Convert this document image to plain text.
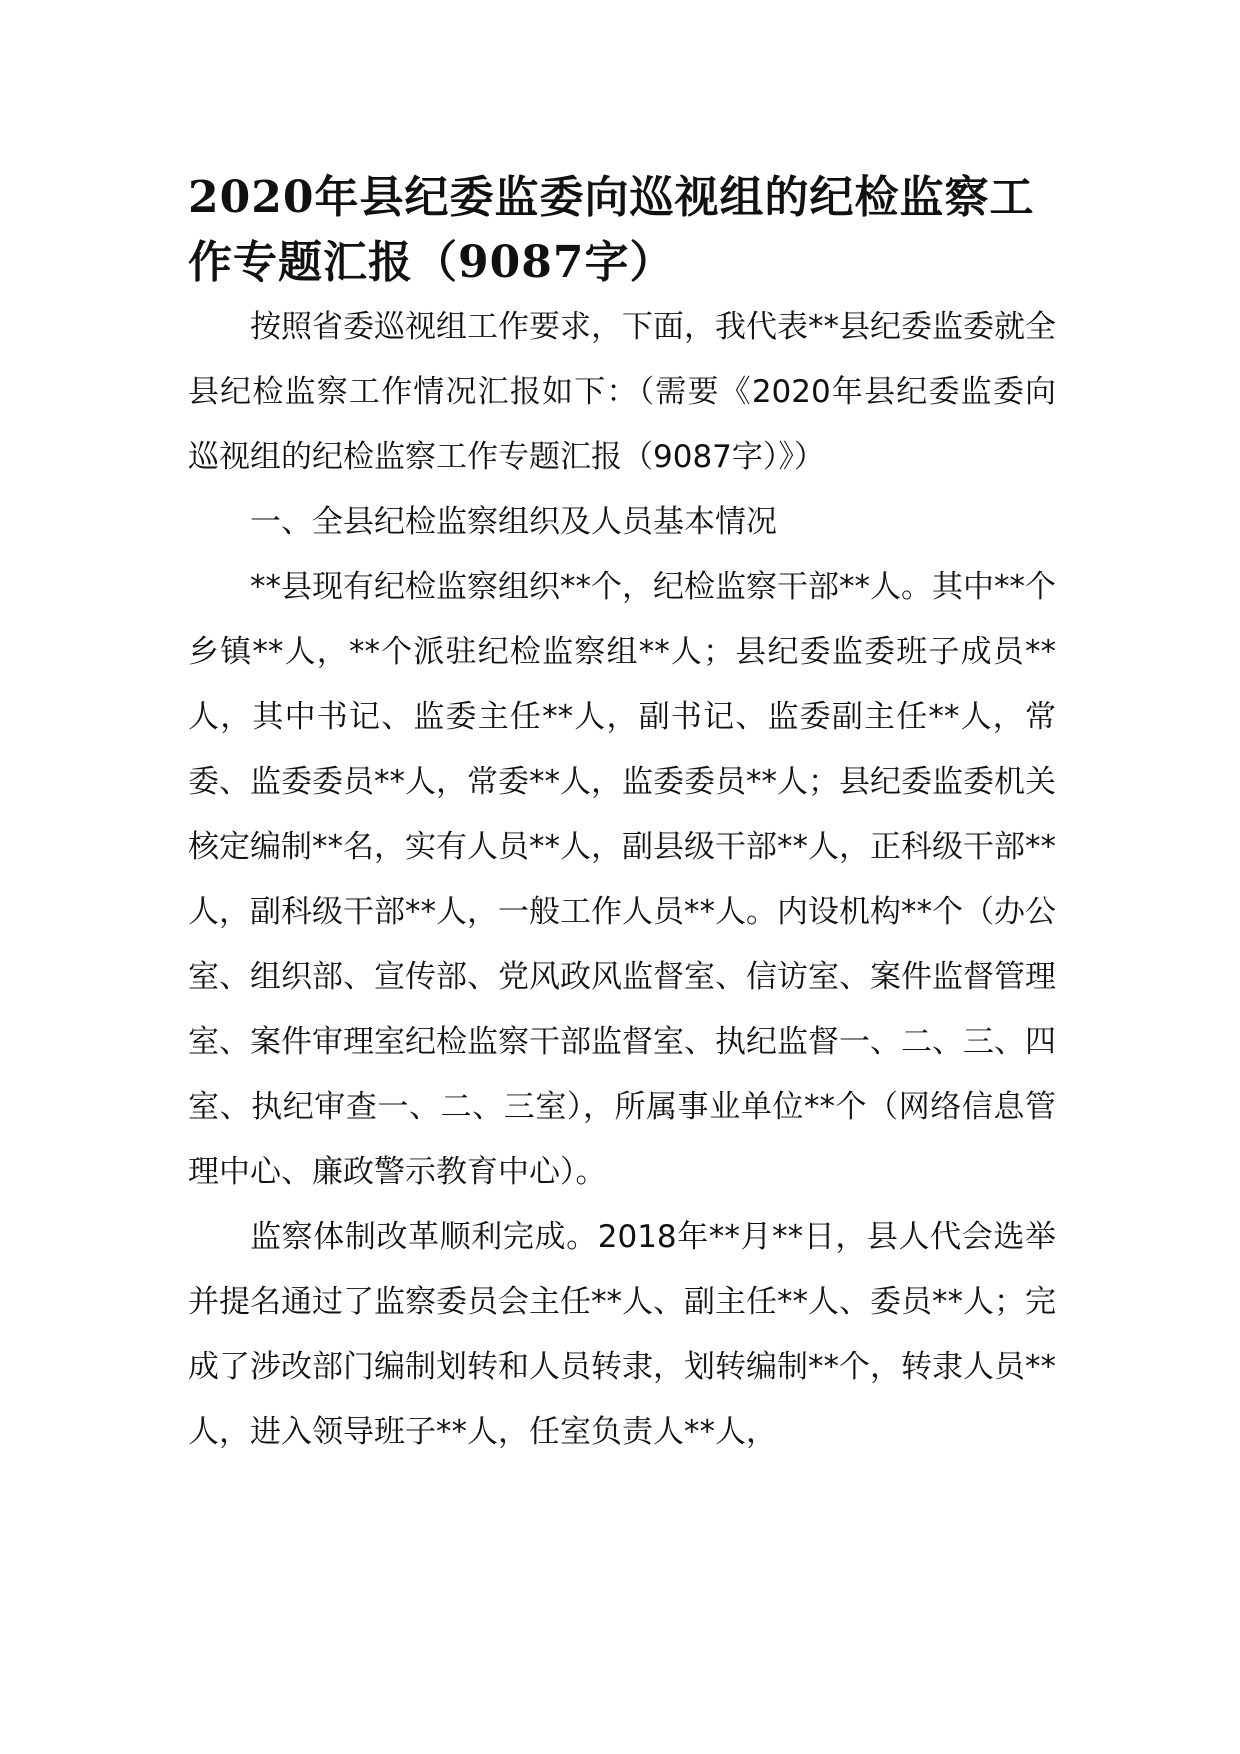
2020年县纪委监委向巡视组的纪检监察工作专题汇报（9087字）

按照省委巡视组工作要求，下面，我代表**县纪委监委就全县纪检监察工作情况汇报如下：（需要《2020年县纪委监委向巡视组的纪检监察工作专题汇报（9087字）》）

一、全县纪检监察组织及人员基本情况

**县现有纪检监察组织**个，纪检监察干部**人。其中**个乡镇**人，**个派驻纪检监察组**人；县纪委监委班子成员**人，其中书记、监委主任**人，副书记、监委副主任**人，常委、监委委员**人，常委**人，监委委员**人；县纪委监委机关核定编制**名，实有人员**人，副县级干部**人，正科级干部**人，副科级干部**人，一般工作人员**人。内设机构**个（办公室、组织部、宣传部、党风政风监督室、信访室、案件监督管理室、案件审理室纪检监察干部监督室、执纪监督一、二、三、四室、执纪审查一、二、三室），所属事业单位**个（网络信息管理中心、廉政警示教育中心）。

监察体制改革顺利完成。2018年**月**日，县人代会选举并提名通过了监察委员会主任**人、副主任**人、委员**人；完成了涉改部门编制划转和人员转隶，划转编制**个，转隶人员**人，进入领导班子**人，任室负责人**人，
